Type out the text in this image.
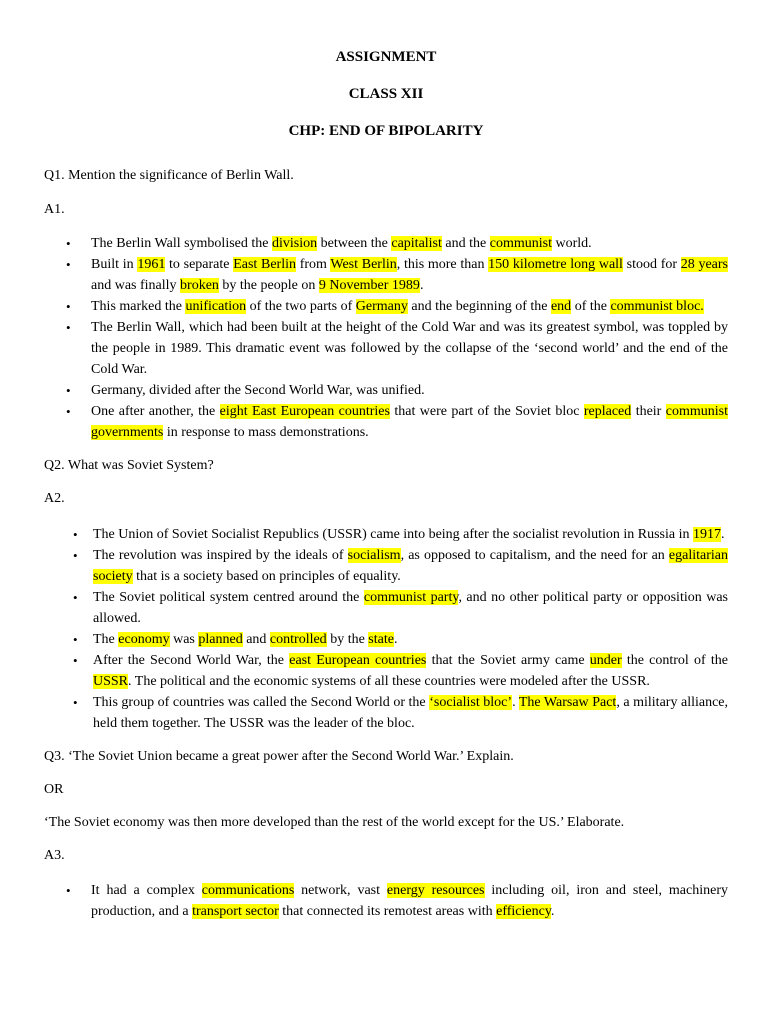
ASSIGNMENT
CLASS XII
CHP: END OF BIPOLARITY

Q1. Mention the significance of Berlin Wall.

A1.

• The Berlin Wall symbolised the division between the capitalist and the communist world.
• Built in 1961 to separate East Berlin from West Berlin, this more than 150 kilometre long wall stood for 28 years and was finally broken by the people on 9 November 1989.
• This marked the unification of the two parts of Germany and the beginning of the end of the communist bloc.
• The Berlin Wall, which had been built at the height of the Cold War and was its greatest symbol, was toppled by the people in 1989. This dramatic event was followed by the collapse of the ‘second world’ and the end of the Cold War.
• Germany, divided after the Second World War, was unified.
• One after another, the eight East European countries that were part of the Soviet bloc replaced their communist governments in response to mass demonstrations.

Q2. What was Soviet System?

A2.

• The Union of Soviet Socialist Republics (USSR) came into being after the socialist revolution in Russia in 1917.
• The revolution was inspired by the ideals of socialism, as opposed to capitalism, and the need for an egalitarian society that is a society based on principles of equality.
• The Soviet political system centred around the communist party, and no other political party or opposition was allowed.
• The economy was planned and controlled by the state.
• After the Second World War, the east European countries that the Soviet army came under the control of the USSR. The political and the economic systems of all these countries were modeled after the USSR.
• This group of countries was called the Second World or the ‘socialist bloc’. The Warsaw Pact, a military alliance, held them together. The USSR was the leader of the bloc.

Q3. ‘The Soviet Union became a great power after the Second World War.’ Explain.

OR

‘The Soviet economy was then more developed than the rest of the world except for the US.’ Elaborate.

A3.

• It had a complex communications network, vast energy resources including oil, iron and steel, machinery production, and a transport sector that connected its remotest areas with efficiency.
